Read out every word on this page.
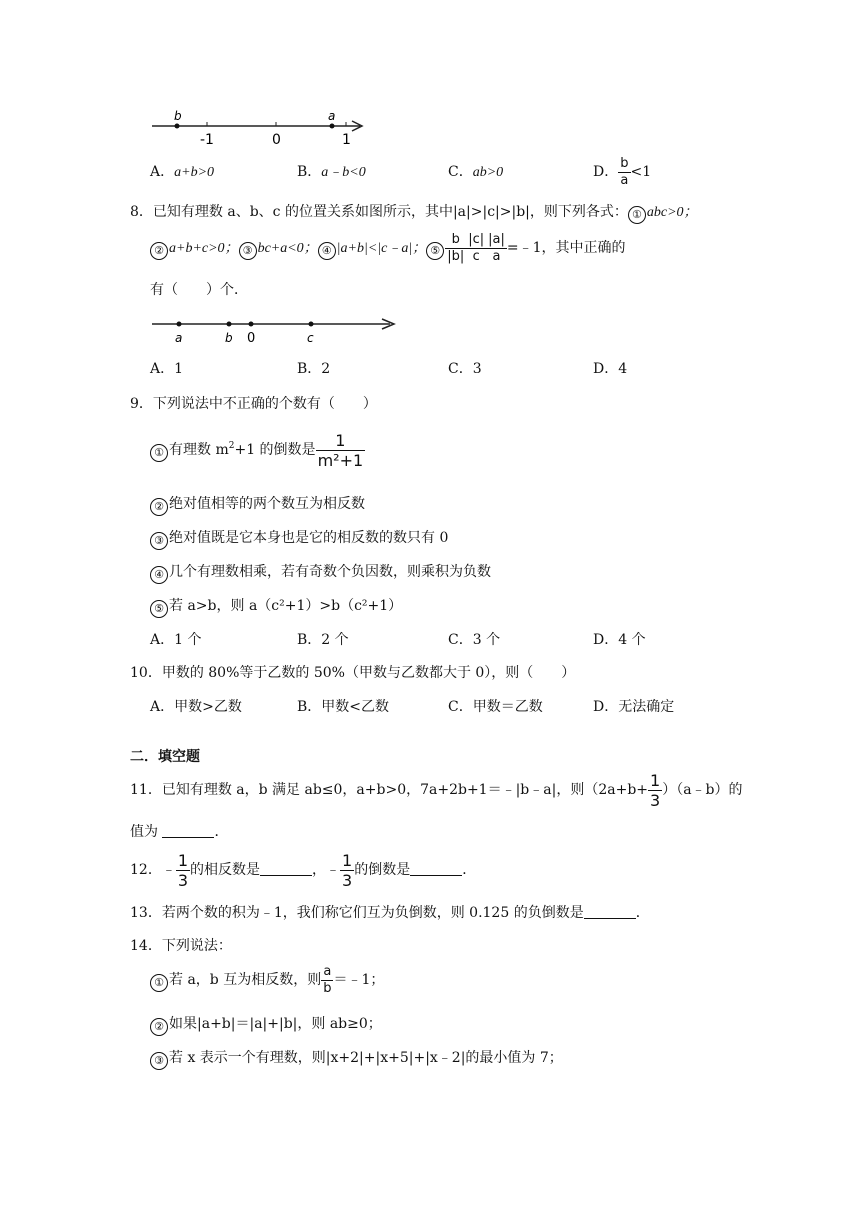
b	a
-1	0	1
A．a+b>0	B．a﹣b<0	C．ab>0	D． $\frac{b}{a} <1$
8．已知有理数 a、b、c 的位置关系如图所示，其中|a|>|c|>|b|，则下列各式： ① abc>0；
② a+b+c>0； ③ bc+a<0； ④ |a+b|<|c﹣a|； ⑤ $\frac{b}{|b|} \frac{|c|}{c} \frac{|a|}{a}$ =﹣1，其中正确的
有（　　）个．
a	b 0	c
A．1	B．2	C．3	D．4
9．下列说法中不正确的个数有（　　）
① 有理数 $m^2+1$ 的倒数是 $\frac{1}{\text{m²+1}}$
② 绝对值相等的两个数互为相反数
③ 绝对值既是它本身也是它的相反数的数只有 0
④ 几个有理数相乘，若有奇数个负因数，则乘积为负数
⑤ 若 a>b，则 a（c²+1）>b（c²+1）
A．1 个	B．2 个	C．3 个	D．4 个
10．甲数的 80%等于乙数的 50%（甲数与乙数都大于 0），则（　　）
A．甲数>乙数	B．甲数<乙数	C．甲数＝乙数	D．无法确定
二．填空题
11．已知有理数 a，b 满足 ab≤0，a+b>0，7a+2b+1＝﹣|b﹣a|，则（$2a+b+ \frac{1}{3}$ ）（a﹣b）的
值为	．
12．﹣ $\frac{1}{3}$ 的相反数是	，﹣ $\frac{1}{3}$ 的倒数是	．
13．若两个数的积为﹣1，我们称它们互为负倒数，则 0.125 的负倒数是	．
14．下列说法：
① 若 a，b 互为相反数，则 $\frac{a}{b}$ ＝﹣1；
② 如果|a+b|＝|a|+|b|，则 ab≥0；
③ 若 x 表示一个有理数，则|x+2|+|x+5|+|x﹣2|的最小值为 7；
